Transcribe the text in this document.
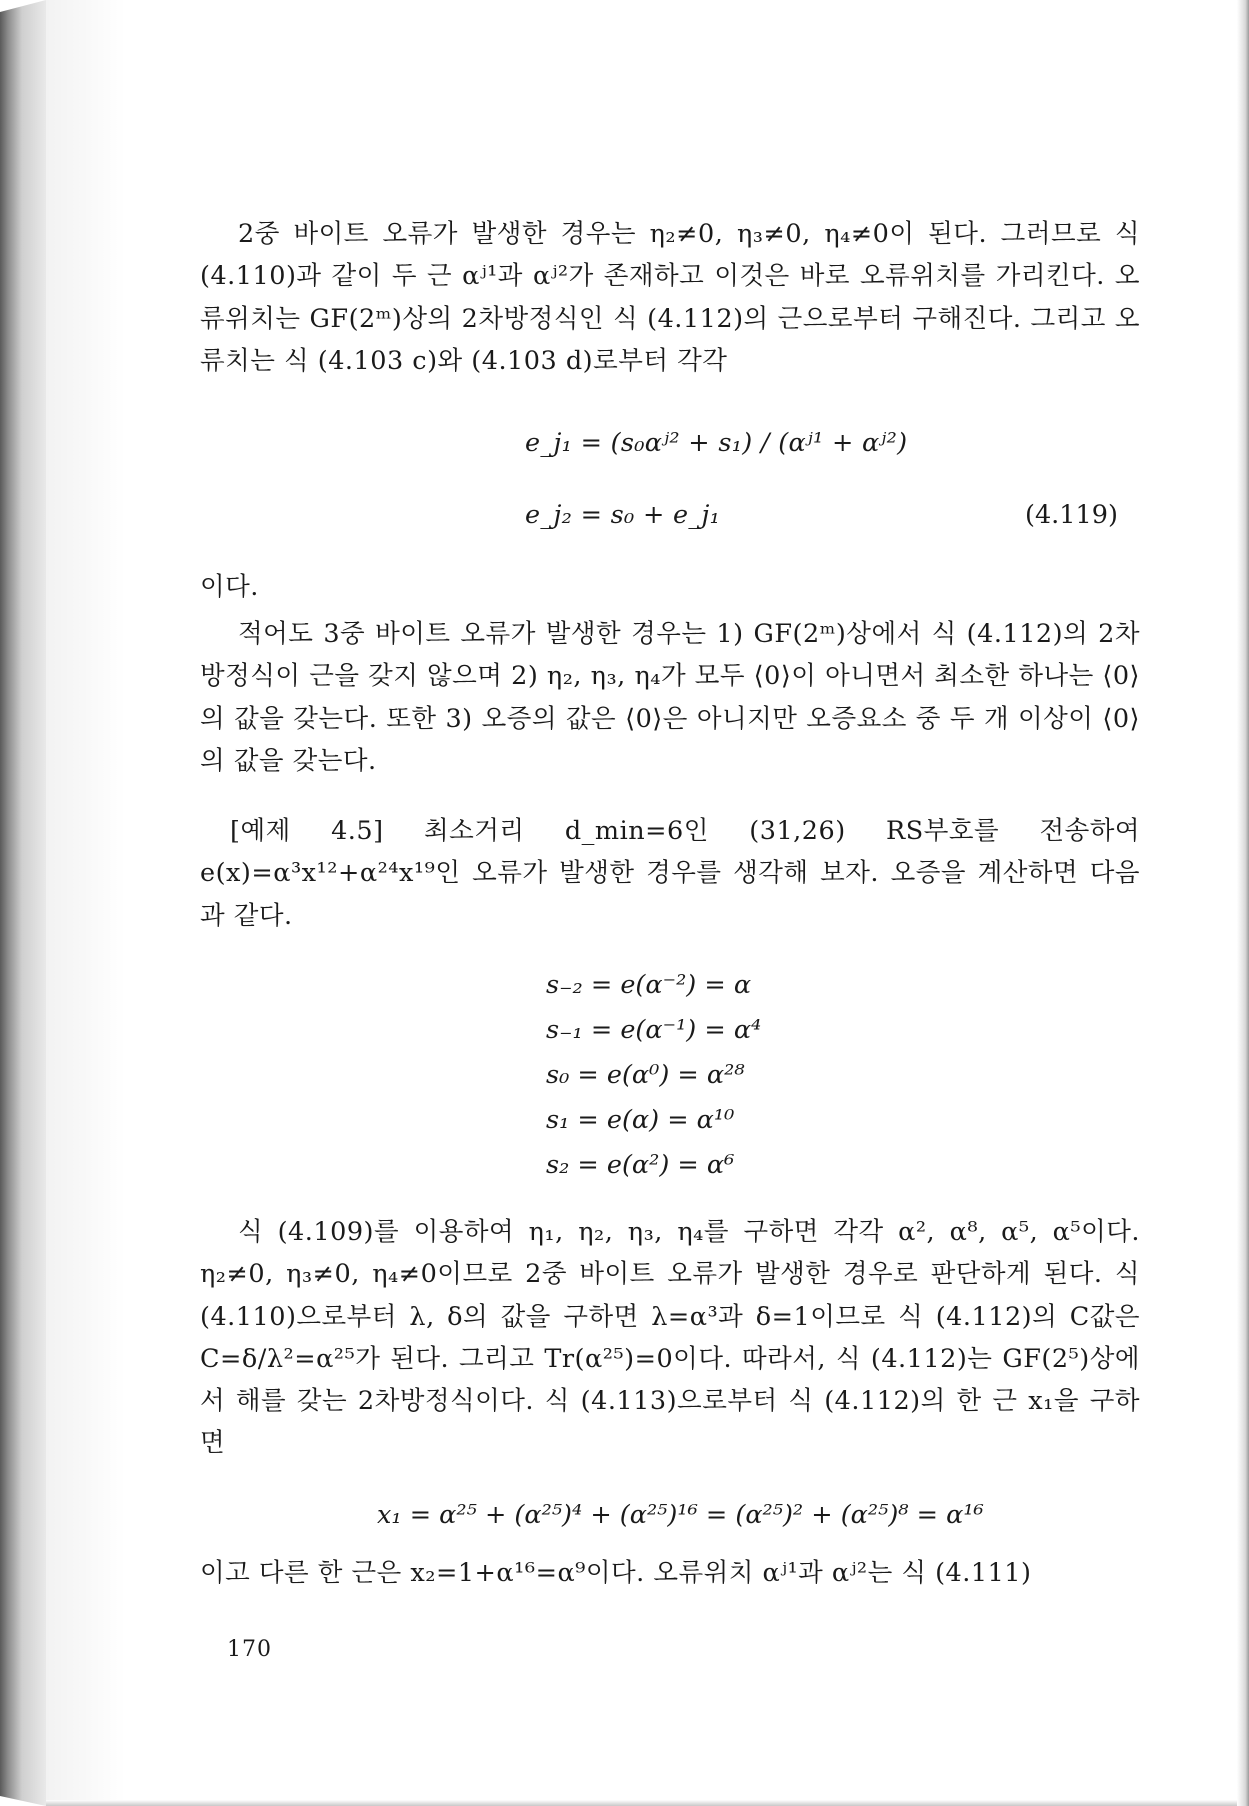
2중 바이트 오류가 발생한 경우는 η₂≠0, η₃≠0, η₄≠0이 된다. 그러므로 식 (4.110)과 같이 두 근 αʲ¹과 αʲ²가 존재하고 이것은 바로 오류위치를 가리킨다. 오류위치는 GF(2ᵐ)상의 2차방정식인 식 (4.112)의 근으로부터 구해진다. 그리고 오류치는 식 (4.103 c)와 (4.103 d)로부터 각각
e_j₁ = (s₀αʲ² + s₁) / (αʲ¹ + αʲ²)
e_j₂ = s₀ + e_j₁	(4.119)
이다.
적어도 3중 바이트 오류가 발생한 경우는 1) GF(2ᵐ)상에서 식 (4.112)의 2차방정식이 근을 갖지 않으며 2) η₂, η₃, η₄가 모두 ⟨0⟩이 아니면서 최소한 하나는 ⟨0⟩의 값을 갖는다. 또한 3) 오증의 값은 ⟨0⟩은 아니지만 오증요소 중 두 개 이상이 ⟨0⟩의 값을 갖는다.
[예제 4.5] 최소거리 d_min=6인 (31,26) RS부호를 전송하여 e(x)=α³x¹²+α²⁴x¹⁹인 오류가 발생한 경우를 생각해 보자. 오증을 계산하면 다음과 같다.
s₋₂ = e(α⁻²) = α
s₋₁ = e(α⁻¹) = α⁴
s₀ = e(α⁰) = α²⁸
s₁ = e(α) = α¹⁰
s₂ = e(α²) = α⁶
식 (4.109)를 이용하여 η₁, η₂, η₃, η₄를 구하면 각각 α², α⁸, α⁵, α⁵이다. η₂≠0, η₃≠0, η₄≠0이므로 2중 바이트 오류가 발생한 경우로 판단하게 된다. 식 (4.110)으로부터 λ, δ의 값을 구하면 λ=α³과 δ=1이므로 식 (4.112)의 C값은 C=δ/λ²=α²⁵가 된다. 그리고 Tr(α²⁵)=0이다. 따라서, 식 (4.112)는 GF(2⁵)상에서 해를 갖는 2차방정식이다. 식 (4.113)으로부터 식 (4.112)의 한 근 x₁을 구하면
x₁ = α²⁵ + (α²⁵)⁴ + (α²⁵)¹⁶ = (α²⁵)² + (α²⁵)⁸ = α¹⁶
이고 다른 한 근은 x₂=1+α¹⁶=α⁹이다. 오류위치 αʲ¹과 αʲ²는 식 (4.111)
170
